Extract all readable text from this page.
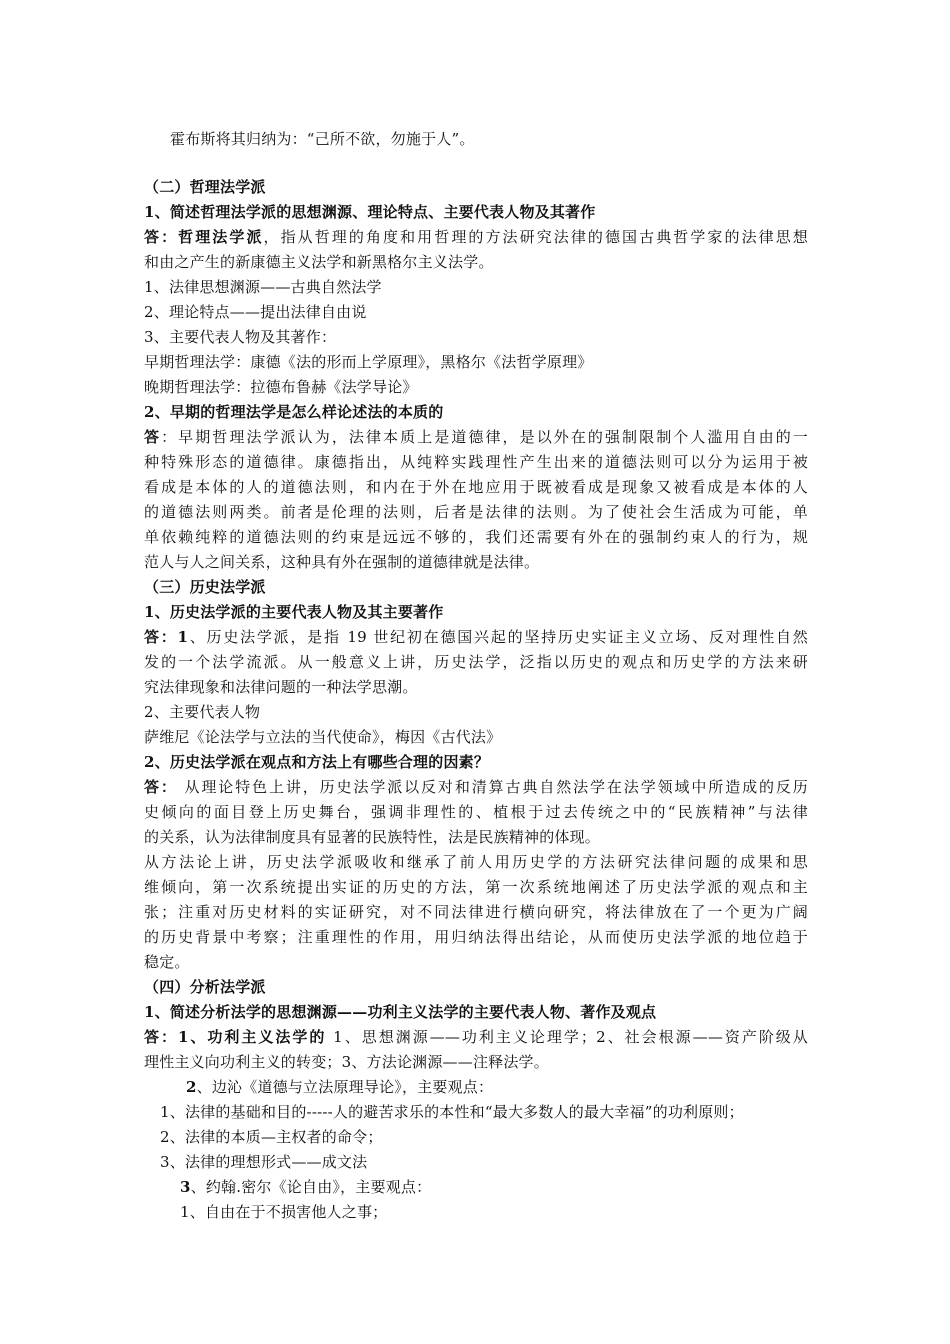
霍布斯将其归纳为：“己所不欲，勿施于人”。
（二）哲理法学派
1、简述哲理法学派的思想渊源、理论特点、主要代表人物及其著作
答：哲理法学派，指从哲理的角度和用哲理的方法研究法律的德国古典哲学家的法律思想
和由之产生的新康德主义法学和新黑格尔主义法学。
1、法律思想渊源——古典自然法学
2、理论特点——提出法律自由说
3、主要代表人物及其著作：
早期哲理法学：康德《法的形而上学原理》，黑格尔《法哲学原理》
晚期哲理法学：拉德布鲁赫《法学导论》
2、早期的哲理法学是怎么样论述法的本质的
答：早期哲理法学派认为，法律本质上是道德律，是以外在的强制限制个人滥用自由的一
种特殊形态的道德律。康德指出，从纯粹实践理性产生出来的道德法则可以分为运用于被
看成是本体的人的道德法则，和内在于外在地应用于既被看成是现象又被看成是本体的人
的道德法则两类。前者是伦理的法则，后者是法律的法则。为了使社会生活成为可能，单
单依赖纯粹的道德法则的约束是远远不够的，我们还需要有外在的强制约束人的行为，规
范人与人之间关系，这种具有外在强制的道德律就是法律。
（三）历史法学派
1、历史法学派的主要代表人物及其主要著作
答：1、历史法学派，是指 19 世纪初在德国兴起的坚持历史实证主义立场、反对理性自然
发的一个法学流派。从一般意义上讲，历史法学，泛指以历史的观点和历史学的方法来研
究法律现象和法律问题的一种法学思潮。
2、主要代表人物
萨维尼《论法学与立法的当代使命》，梅因《古代法》
2、历史法学派在观点和方法上有哪些合理的因素？
答： 从理论特色上讲，历史法学派以反对和清算古典自然法学在法学领域中所造成的反历
史倾向的面目登上历史舞台，强调非理性的、植根于过去传统之中的“民族精神”与法律
的关系，认为法律制度具有显著的民族特性，法是民族精神的体现。
从方法论上讲，历史法学派吸收和继承了前人用历史学的方法研究法律问题的成果和思
维倾向，第一次系统提出实证的历史的方法，第一次系统地阐述了历史法学派的观点和主
张；注重对历史材料的实证研究，对不同法律进行横向研究，将法律放在了一个更为广阔
的历史背景中考察；注重理性的作用，用归纳法得出结论，从而使历史法学派的地位趋于
稳定。
（四）分析法学派
1、简述分析法学的思想渊源——功利主义法学的主要代表人物、著作及观点
答：1、功利主义法学的 1、思想渊源——功利主义论理学；2、社会根源——资产阶级从
理性主义向功利主义的转变；3、方法论渊源——注释法学。
2、边沁《道德与立法原理导论》，主要观点：
1、法律的基础和目的-----人的避苦求乐的本性和“最大多数人的最大幸福”的功利原则；
2、法律的本质—主权者的命令；
3、法律的理想形式——成文法
3、约翰.密尔《论自由》，主要观点：
1、自由在于不损害他人之事；
